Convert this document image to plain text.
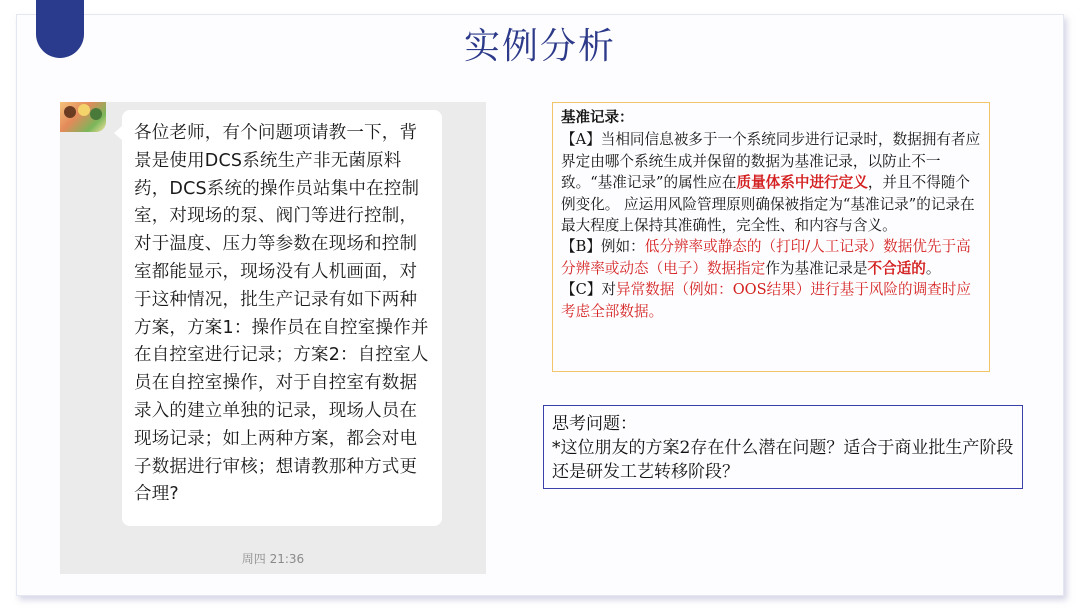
实例分析
各位老师，有个问题项请教一下，背景是使用DCS系统生产非无菌原料药，DCS系统的操作员站集中在控制室，对现场的泵、阀门等进行控制，对于温度、压力等参数在现场和控制室都能显示，现场没有人机画面，对于这种情况，批生产记录有如下两种方案，方案1：操作员在自控室操作并在自控室进行记录；方案2：自控室人员在自控室操作，对于自控室有数据录入的建立单独的记录，现场人员在现场记录；如上两种方案，都会对电子数据进行审核；想请教那种方式更合理?
周四 21:36
基准记录：
【A】当相同信息被多于一个系统同步进行记录时，数据拥有者应界定由哪个系统生成并保留的数据为基准记录，以防止不一致。“基准记录”的属性应在质量体系中进行定义，并且不得随个例变化。 应运用风险管理原则确保被指定为“基准记录”的记录在最大程度上保持其准确性，完全性、和内容与含义。
【B】例如：低分辨率或静态的（打印/人工记录）数据优先于高分辨率或动态（电子）数据指定作为基准记录是不合适的。
【C】对异常数据（例如：OOS结果）进行基于风险的调查时应考虑全部数据。
思考问题：
*这位朋友的方案2存在什么潜在问题？适合于商业批生产阶段还是研发工艺转移阶段？
